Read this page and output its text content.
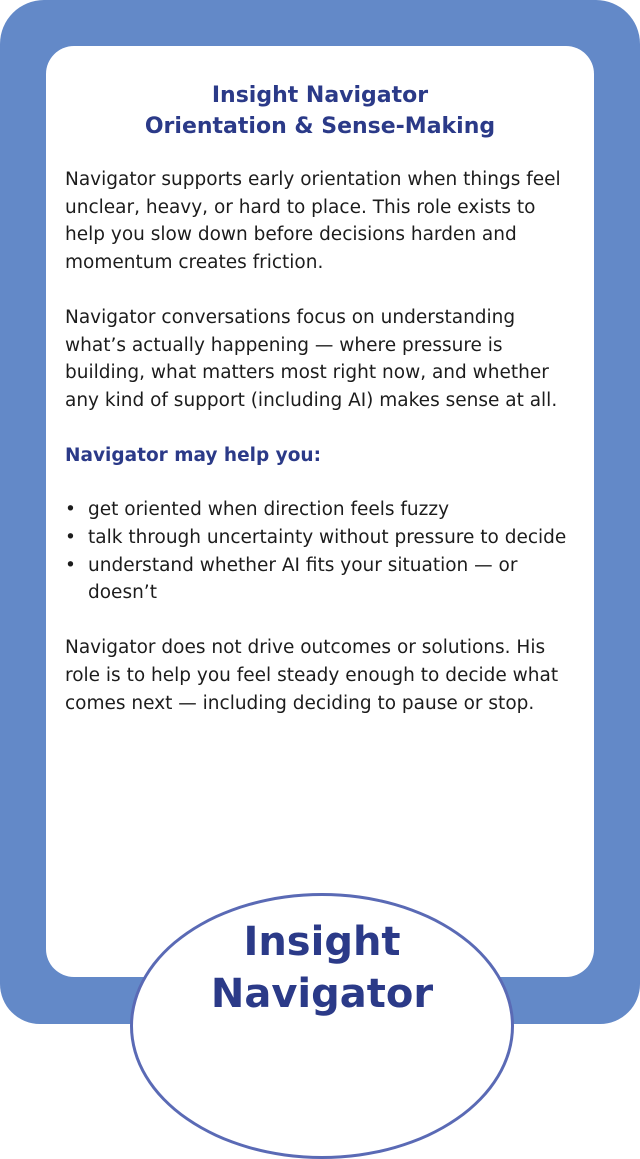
Insight Navigator
Orientation & Sense-Making

Navigator supports early orientation when things feel unclear, heavy, or hard to place. This role exists to help you slow down before decisions harden and momentum creates friction.

Navigator conversations focus on understanding what’s actually happening — where pressure is building, what matters most right now, and whether any kind of support (including AI) makes sense at all.

Navigator may help you:

• get oriented when direction feels fuzzy
• talk through uncertainty without pressure to decide
• understand whether AI fits your situation — or doesn’t

Navigator does not drive outcomes or solutions. His role is to help you feel steady enough to decide what comes next — including deciding to pause or stop.

Insight
Navigator
